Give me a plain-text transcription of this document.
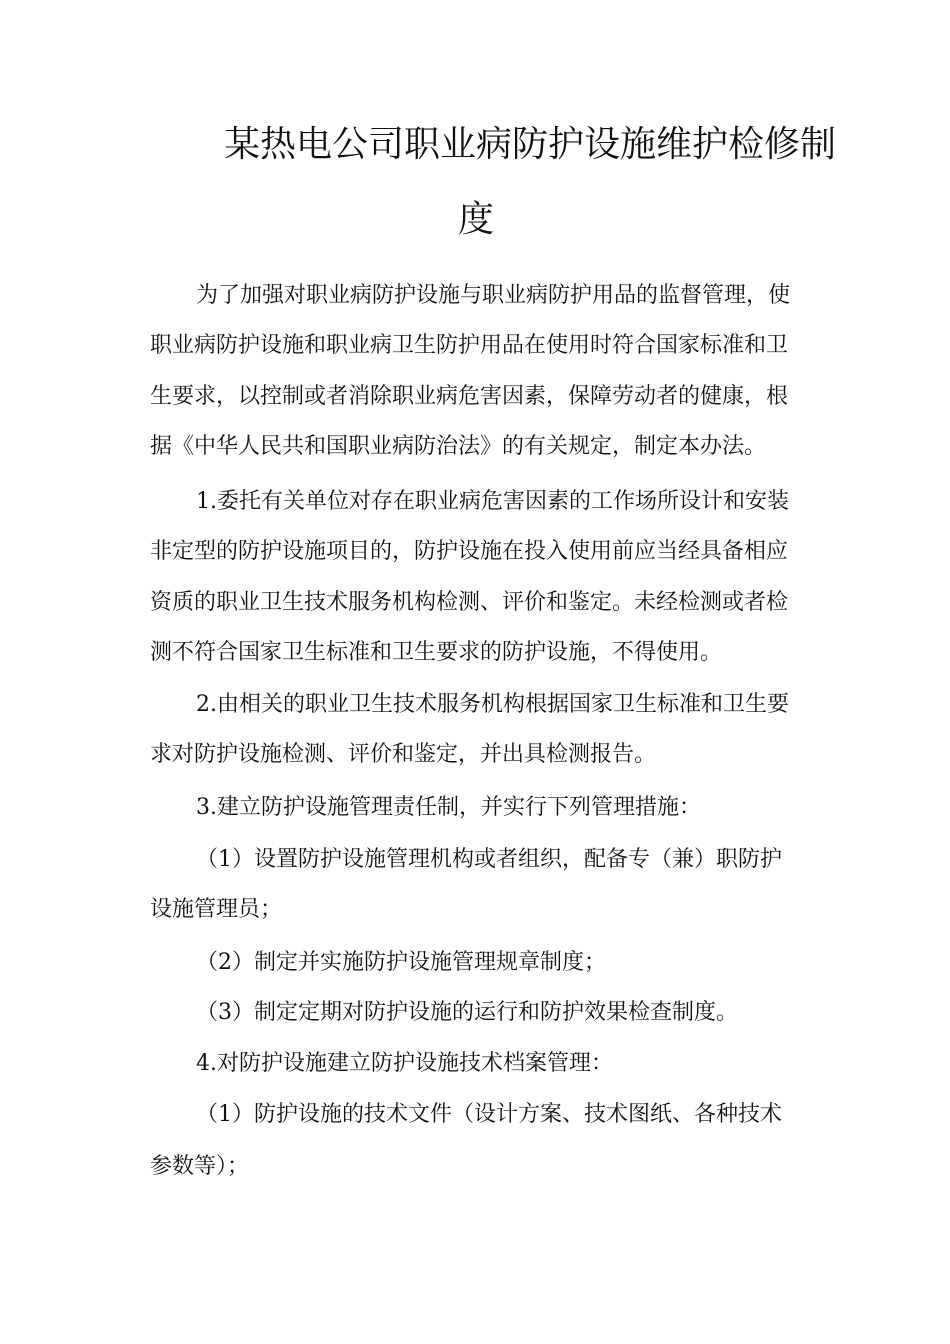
某热电公司职业病防护设施维护检修制
度
为了加强对职业病防护设施与职业病防护用品的监督管理，使
职业病防护设施和职业病卫生防护用品在使用时符合国家标准和卫
生要求，以控制或者消除职业病危害因素，保障劳动者的健康，根
据《中华人民共和国职业病防治法》的有关规定，制定本办法。
1.委托有关单位对存在职业病危害因素的工作场所设计和安装
非定型的防护设施项目的，防护设施在投入使用前应当经具备相应
资质的职业卫生技术服务机构检测、评价和鉴定。未经检测或者检
测不符合国家卫生标准和卫生要求的防护设施，不得使用。
2.由相关的职业卫生技术服务机构根据国家卫生标准和卫生要
求对防护设施检测、评价和鉴定，并出具检测报告。
3.建立防护设施管理责任制，并实行下列管理措施：
（1）设置防护设施管理机构或者组织，配备专（兼）职防护
设施管理员；
（2）制定并实施防护设施管理规章制度；
（3）制定定期对防护设施的运行和防护效果检查制度。
4.对防护设施建立防护设施技术档案管理：
（1）防护设施的技术文件（设计方案、技术图纸、各种技术
参数等）；
